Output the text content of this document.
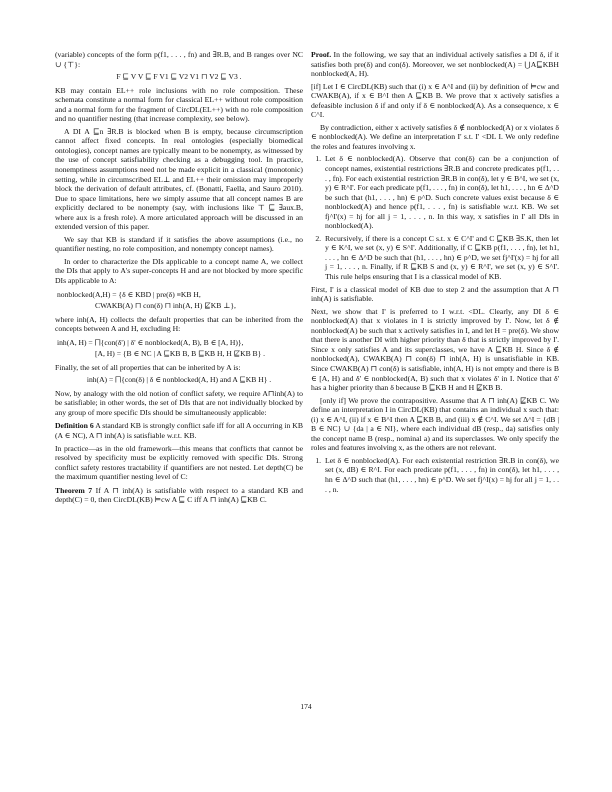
(variable) concepts of the form p(f1, . . . , fn) and ∃R.B, and B ranges over NC ∪ {⊤}:

F ⊑ V V ⊑ F V1 ⊑ V2 V1 ⊓ V2 ⊑ V3 .

KB may contain EL++ role inclusions with no role composition. These schemata constitute a normal form for classical EL++ without role composition and a normal form for the fragment of CircDL(EL++) with no role composition and no quantifier nesting (that increase complexity, see below).

A DI A ⊑n ∃R.B is blocked when B is empty, because circumscription cannot affect fixed concepts. In real ontologies (especially biomedical ontologies), concept names are typically meant to be nonempty, as witnessed by the use of concept satisfiability checking as a debugging tool. In practice, nonemptiness assumptions need not be made explicit in a classical (monotonic) setting, while in circumscribed EL⊥ and EL++ their omission may improperly block the derivation of default attributes, cf. (Bonatti, Faella, and Sauro 2010). Due to space limitations, here we simply assume that all concept names B are explicitly declared to be nonempty (say, with inclusions like ⊤ ⊑ ∃aux.B, where aux is a fresh role). A more articulated approach will be discussed in an extended version of this paper.

We say that KB is standard if it satisfies the above assumptions (i.e., no quantifier nesting, no role composition, and nonempty concept names).

In order to characterize the DIs applicable to a concept name A, we collect the DIs that apply to A's super-concepts H and are not blocked by more specific DIs applicable to A:

nonblocked(A,H) = {δ ∈ KBD | pre(δ) ≡KB H,
CWAKB(A) ⊓ con(δ) ⊓ inh(A, H) ⋢KB ⊥},

where inh(A, H) collects the default properties that can be inherited from the concepts between A and H, excluding H:

inh(A, H) = ⨅{con(δ') | δ' ∈ nonblocked(A, B), B ∈ [A, H)},
[A, H) = {B ∈ NC | A ⊑KB B, B ⊑KB H, H ⋢KB B} .

Finally, the set of all properties that can be inherited by A is:

inh(A) = ⨅{con(δ) | δ ∈ nonblocked(A, H) and A ⊑KB H} .

Now, by analogy with the old notion of conflict safety, we require A⊓inh(A) to be satisfiable; in other words, the set of DIs that are not individually blocked by any group of more specific DIs should be simultaneously applicable:

Definition 6 A standard KB is strongly conflict safe iff for all A occurring in KB (A ∈ NC), A ⊓ inh(A) is satisfiable w.r.t. KB.

In practice—as in the old framework—this means that conflicts that cannot be resolved by specificity must be explicitly removed with specific DIs. Strong conflict safety restores tractability if quantifiers are not nested. Let depth(C) be the maximum quantifier nesting level of C:

Theorem 7 If A ⊓ inh(A) is satisfiable with respect to a standard KB and depth(C) = 0, then CircDL(KB) ⊨cw A ⊑ C iff A ⊓ inh(A) ⊑KB C.

Proof. In the following, we say that an individual actively satisfies a DI δ, if it satisfies both pre(δ) and con(δ). Moreover, we set nonblocked(A) = ⋃A⊑KBH nonblocked(A, H).

[if] Let I ∈ CircDL(KB) such that (i) x ∈ A^I and (ii) by definition of ⊨cw and CWAKB(A), if x ∈ B^I then A ⊑KB B. We prove that x actively satisfies a defeasible inclusion δ if and only if δ ∈ nonblocked(A). As a consequence, x ∈ C^I.

By contradiction, either x actively satisfies δ ∉ nonblocked(A) or x violates δ ∈ nonblocked(A). We define an interpretation I' s.t. I' <DL I. We only redefine the roles and features involving x.

1. Let δ ∈ nonblocked(A). Observe that con(δ) can be a conjunction of concept names, existential restrictions ∃R.B and concrete predicates p(f1, . . . , fn). For each existential restriction ∃R.B in con(δ), let y ∈ B^I, we set (x, y) ∈ R^I'. For each predicate p(f1, . . . , fn) in con(δ), let h1, . . . , hn ∈ Δ^D be such that (h1, . . . , hn) ∈ p^D. Such concrete values exist because δ ∈ nonblocked(A) and hence p(f1, . . . , fn) is satisfiable w.r.t. KB. We set fj^I'(x) = hj for all j = 1, . . . , n. In this way, x satisfies in I' all DIs in nonblocked(A).
2. Recursively, if there is a concept C s.t. x ∈ C^I' and C ⊑KB ∃S.K, then let y ∈ K^I, we set (x, y) ∈ S^I'. Additionally, if C ⊑KB p(f1, . . . , fn), let h1, . . . , hn ∈ Δ^D be such that (h1, . . . , hn) ∈ p^D, we set fj^I'(x) = hj for all j = 1, . . . , n. Finally, if R ⊑KB S and (x, y) ∈ R^I', we set (x, y) ∈ S^I'. This rule helps ensuring that I is a classical model of KB.

First, I' is a classical model of KB due to step 2 and the assumption that A ⊓ inh(A) is satisfiable.

Next, we show that I' is preferred to I w.r.t. <DL. Clearly, any DI δ ∈ nonblocked(A) that x violates in I is strictly improved by I'. Now, let δ ∉ nonblocked(A) be such that x actively satisfies in I, and let H = pre(δ). We show that there is another DI with higher priority than δ that is strictly improved by I'. Since x only satisfies A and its superclasses, we have A ⊑KB H. Since δ ∉ nonblocked(A), CWAKB(A) ⊓ con(δ) ⊓ inh(A, H) is unsatisfiable in KB. Since CWAKB(A) ⊓ con(δ) is satisfiable, inh(A, H) is not empty and there is B ∈ [A, H) and δ' ∈ nonblocked(A, B) such that x violates δ' in I. Notice that δ' has a higher priority than δ because B ⊑KB H and H ⋢KB B.

[only if] We prove the contrapositive. Assume that A ⊓ inh(A) ⋢KB C. We define an interpretation I in CircDL(KB) that contains an individual x such that: (i) x ∈ A^I, (ii) if x ∈ B^I then A ⊑KB B, and (iii) x ∉ C^I. We set Δ^I = {dB | B ∈ NC} ∪ {da | a ∈ NI}, where each individual dB (resp., da) satisfies only the concept name B (resp., nominal a) and its superclasses. We only specify the roles and features involving x, as the others are not relevant.

1. Let δ ∈ nonblocked(A). For each existential restriction ∃R.B in con(δ), we set (x, dB) ∈ R^I. For each predicate p(f1, . . . , fn) in con(δ), let h1, . . . , hn ∈ Δ^D such that (h1, . . . , hn) ∈ p^D. We set fj^I(x) = hj for all j = 1, . . . , n.
174
